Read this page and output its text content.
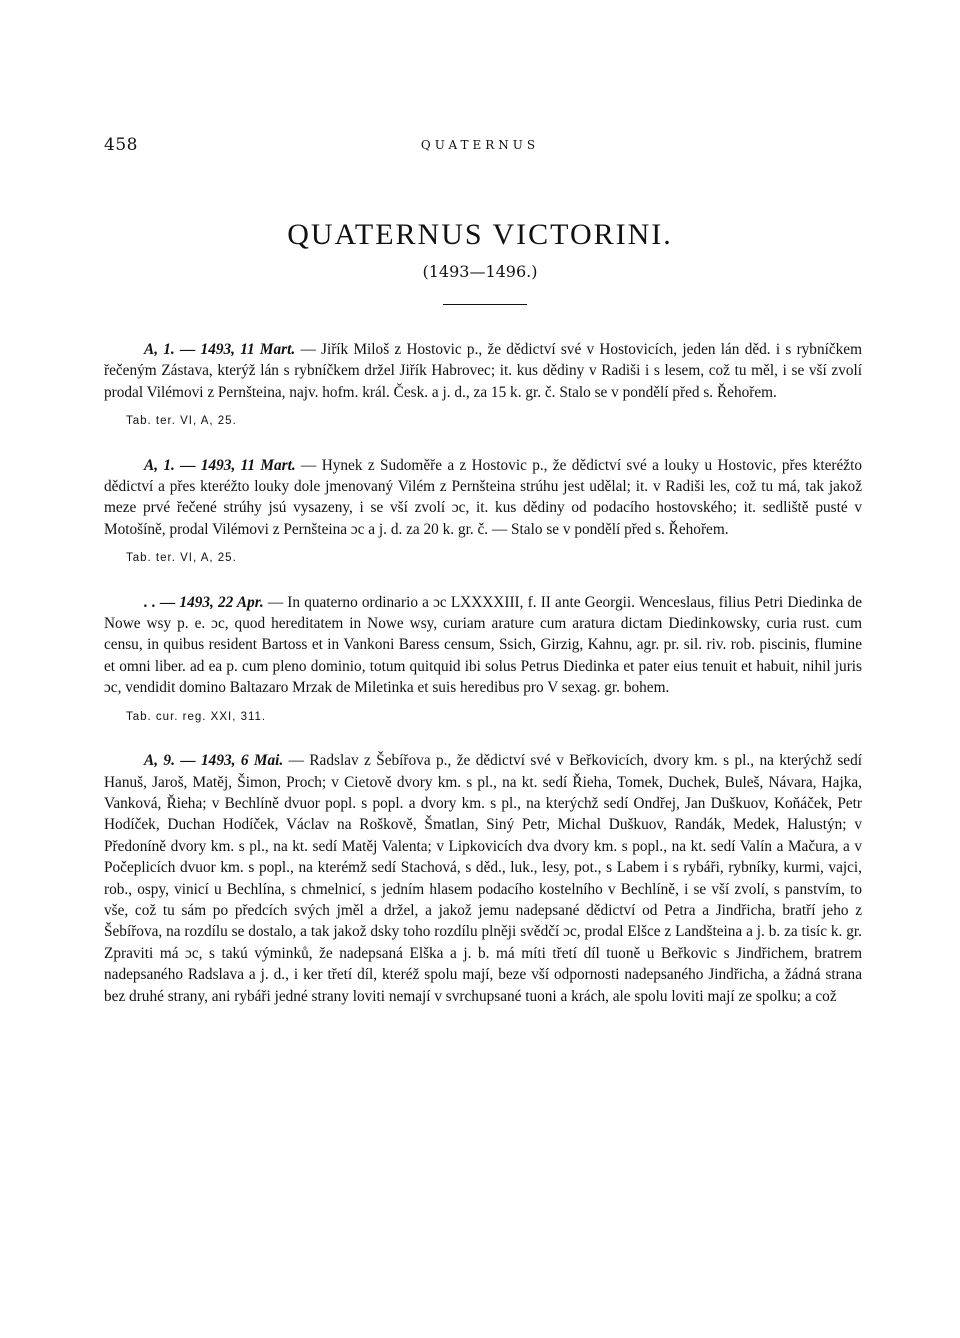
458	QUATERNUS
QUATERNUS VICTORINI.
(1493—1496.)

A, 1. — 1493, 11 Mart. — Jiřík Miloš z Hostovic p., že dědictví své v Hostovicích, jeden lán děd. i s rybníčkem řečeným Zástava, kterýž lán s rybníčkem držel Jiřík Habrovec; it. kus dědiny v Radiši i s lesem, což tu měl, i se vší zvolí prodal Vilémovi z Pernšteina, najv. hofm. král. Česk. a j. d., za 15 k. gr. č. Stalo se v pondělí před s. Řehořem.

Tab. ter. VI, A, 25.

A, 1. — 1493, 11 Mart. — Hynek z Sudoměře a z Hostovic p., že dědictví své a louky u Hostovic, přes kteréžto dědictví a přes kteréžto louky dole jmenovaný Vilém z Pernšteina strúhu jest udělal; it. v Radiši les, což tu má, tak jakož meze prvé řečené strúhy jsú vysazeny, i se vší zvolí ɔc, it. kus dědiny od podacího hostovského; it. sedliště pusté v Motošíně, prodal Vilémovi z Pernšteina ɔc a j. d. za 20 k. gr. č. — Stalo se v pondělí před s. Řehořem.

Tab. ter. VI, A, 25.

. . — 1493, 22 Apr. — In quaterno ordinario a ɔc LXXXXIII, f. II ante Georgii. Wenceslaus, filius Petri Diedinka de Nowe wsy p. e. ɔc, quod hereditatem in Nowe wsy, curiam arature cum aratura dictam Diedinkowsky, curia rust. cum censu, in quibus resident Bartoss et in Vankoni Baress censum, Ssich, Girzig, Kahnu, agr. pr. sil. riv. rob. piscinis, flumine et omni liber. ad ea p. cum pleno dominio, totum quitquid ibi solus Petrus Diedinka et pater eius tenuit et habuit, nihil juris ɔc, vendidit domino Baltazaro Mrzak de Miletinka et suis heredibus pro V sexag. gr. bohem.

Tab. cur. reg. XXI, 311.

A, 9. — 1493, 6 Mai. — Radslav z Šebířova p., že dědictví své v Beřkovicích, dvory km. s pl., na kterýchž sedí Hanuš, Jaroš, Matěj, Šimon, Proch; v Cietově dvory km. s pl., na kt. sedí Řieha, Tomek, Duchek, Buleš, Návara, Hajka, Vanková, Řieha; v Bechlíně dvuor popl. s popl. a dvory km. s pl., na kterýchž sedí Ondřej, Jan Duškuov, Koňáček, Petr Hodíček, Duchan Hodíček, Václav na Roškově, Šmatlan, Siný Petr, Michal Duškuov, Randák, Medek, Halustýn; v Předoníně dvory km. s pl., na kt. sedí Matěj Valenta; v Lipkovicích dva dvory km. s popl., na kt. sedí Valín a Mačura, a v Počeplicích dvuor km. s popl., na kterémž sedí Stachová, s děd., luk., lesy, pot., s Labem i s rybáři, rybníky, kurmi, vajci, rob., ospy, vinicí u Bechlína, s chmelnicí, s jedním hlasem podacího kostelního v Bechlíně, i se vší zvolí, s panstvím, to vše, což tu sám po předcích svých jměl a držel, a jakož jemu nadepsané dědictví od Petra a Jindřicha, bratří jeho z Šebířova, na rozdílu se dostalo, a tak jakož dsky toho rozdílu plněji svědčí ɔc, prodal Elšce z Landšteina a j. b. za tisíc k. gr. Zpraviti má ɔc, s takú výminků, že nadepsaná Elška a j. b. má míti třetí díl tuoně u Beřkovic s Jindřichem, bratrem nadepsaného Radslava a j. d., i ker třetí díl, kteréž spolu mají, beze vší odpornosti nadepsaného Jindřicha, a žádná strana bez druhé strany, ani rybáři jedné strany loviti nemají v svrchupsané tuoni a krách, ale spolu loviti mají ze spolku; a což
